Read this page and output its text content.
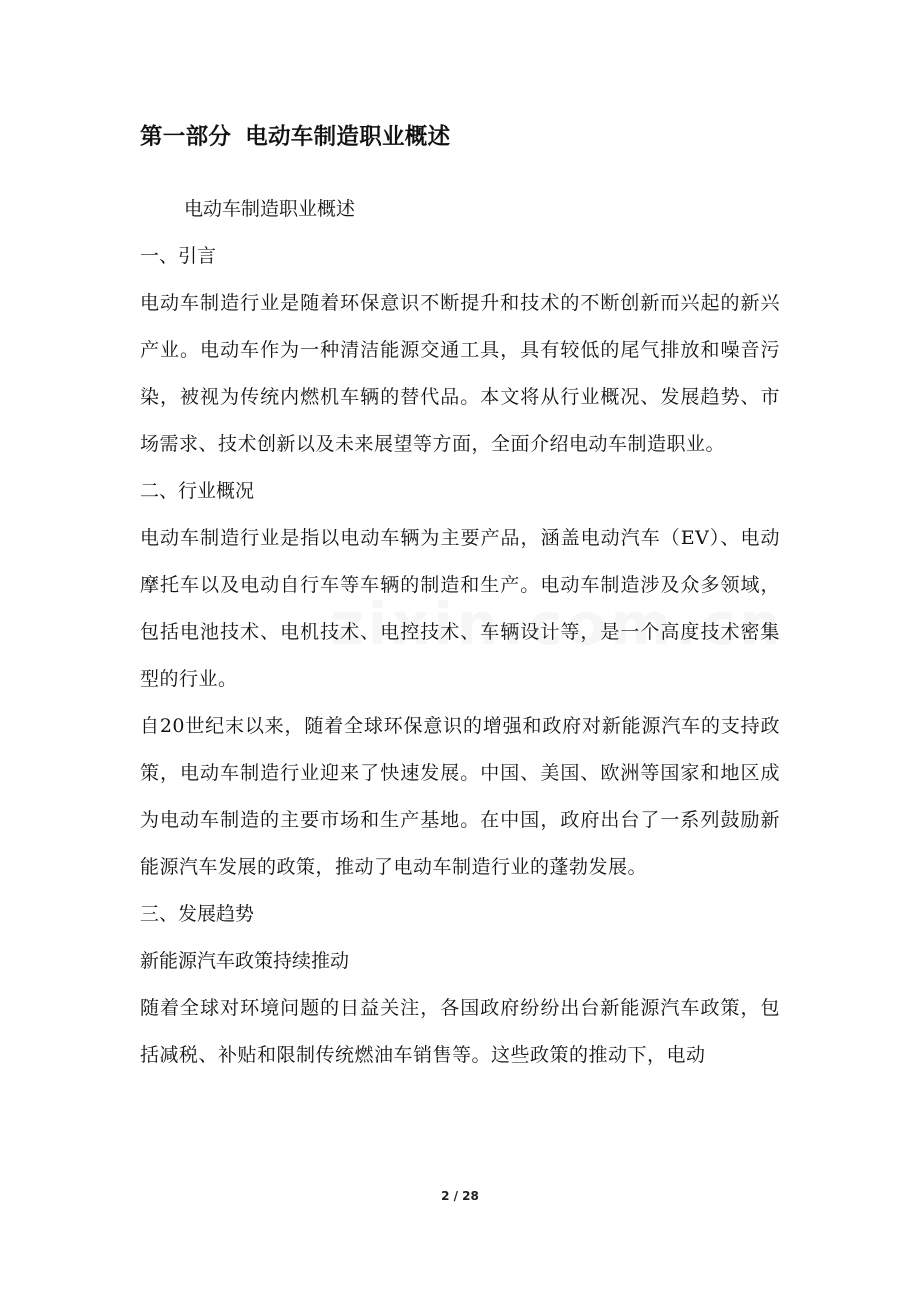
第一部分 电动车制造职业概述

电动车制造职业概述

一、引言

电动车制造行业是随着环保意识不断提升和技术的不断创新而兴起的新兴产业。电动车作为一种清洁能源交通工具，具有较低的尾气排放和噪音污染，被视为传统内燃机车辆的替代品。本文将从行业概况、发展趋势、市场需求、技术创新以及未来展望等方面，全面介绍电动车制造职业。

二、行业概况

电动车制造行业是指以电动车辆为主要产品，涵盖电动汽车（EV）、电动摩托车以及电动自行车等车辆的制造和生产。电动车制造涉及众多领域，包括电池技术、电机技术、电控技术、车辆设计等，是一个高度技术密集型的行业。

自20世纪末以来，随着全球环保意识的增强和政府对新能源汽车的支持政策，电动车制造行业迎来了快速发展。中国、美国、欧洲等国家和地区成为电动车制造的主要市场和生产基地。在中国，政府出台了一系列鼓励新能源汽车发展的政策，推动了电动车制造行业的蓬勃发展。

三、发展趋势

新能源汽车政策持续推动

随着全球对环境问题的日益关注，各国政府纷纷出台新能源汽车政策，包括减税、补贴和限制传统燃油车销售等。这些政策的推动下，电动

2 / 28
